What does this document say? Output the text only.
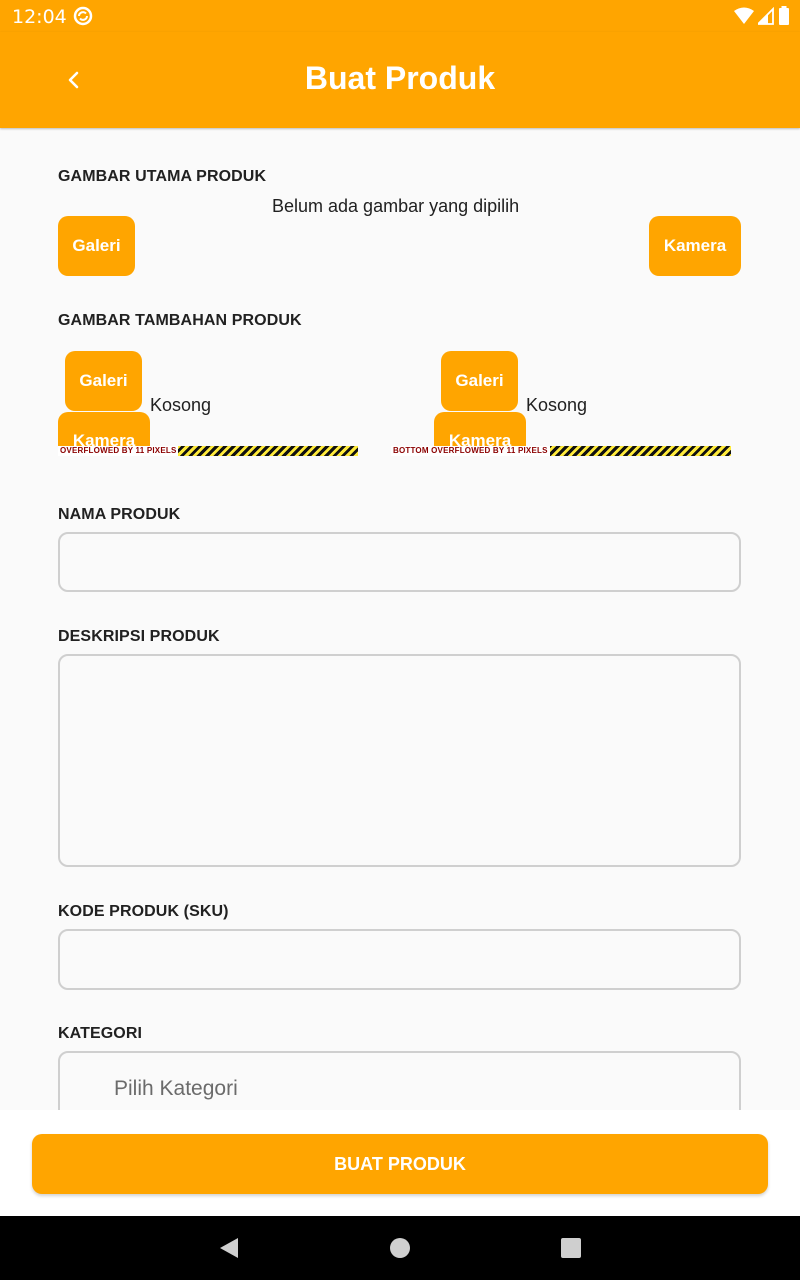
12:04
Buat Produk
GAMBAR UTAMA PRODUK
Belum ada gambar yang dipilih
Galeri	Kamera
GAMBAR TAMBAHAN PRODUK
Galeri
Kamera
Kosong
OVERFLOWED BY 11 PIXELS
Galeri
Kamera
Kosong
BOTTOM OVERFLOWED BY 11 PIXELS
NAMA PRODUK
DESKRIPSI PRODUK
KODE PRODUK (SKU)
KATEGORI
Pilih Kategori
BUAT PRODUK
